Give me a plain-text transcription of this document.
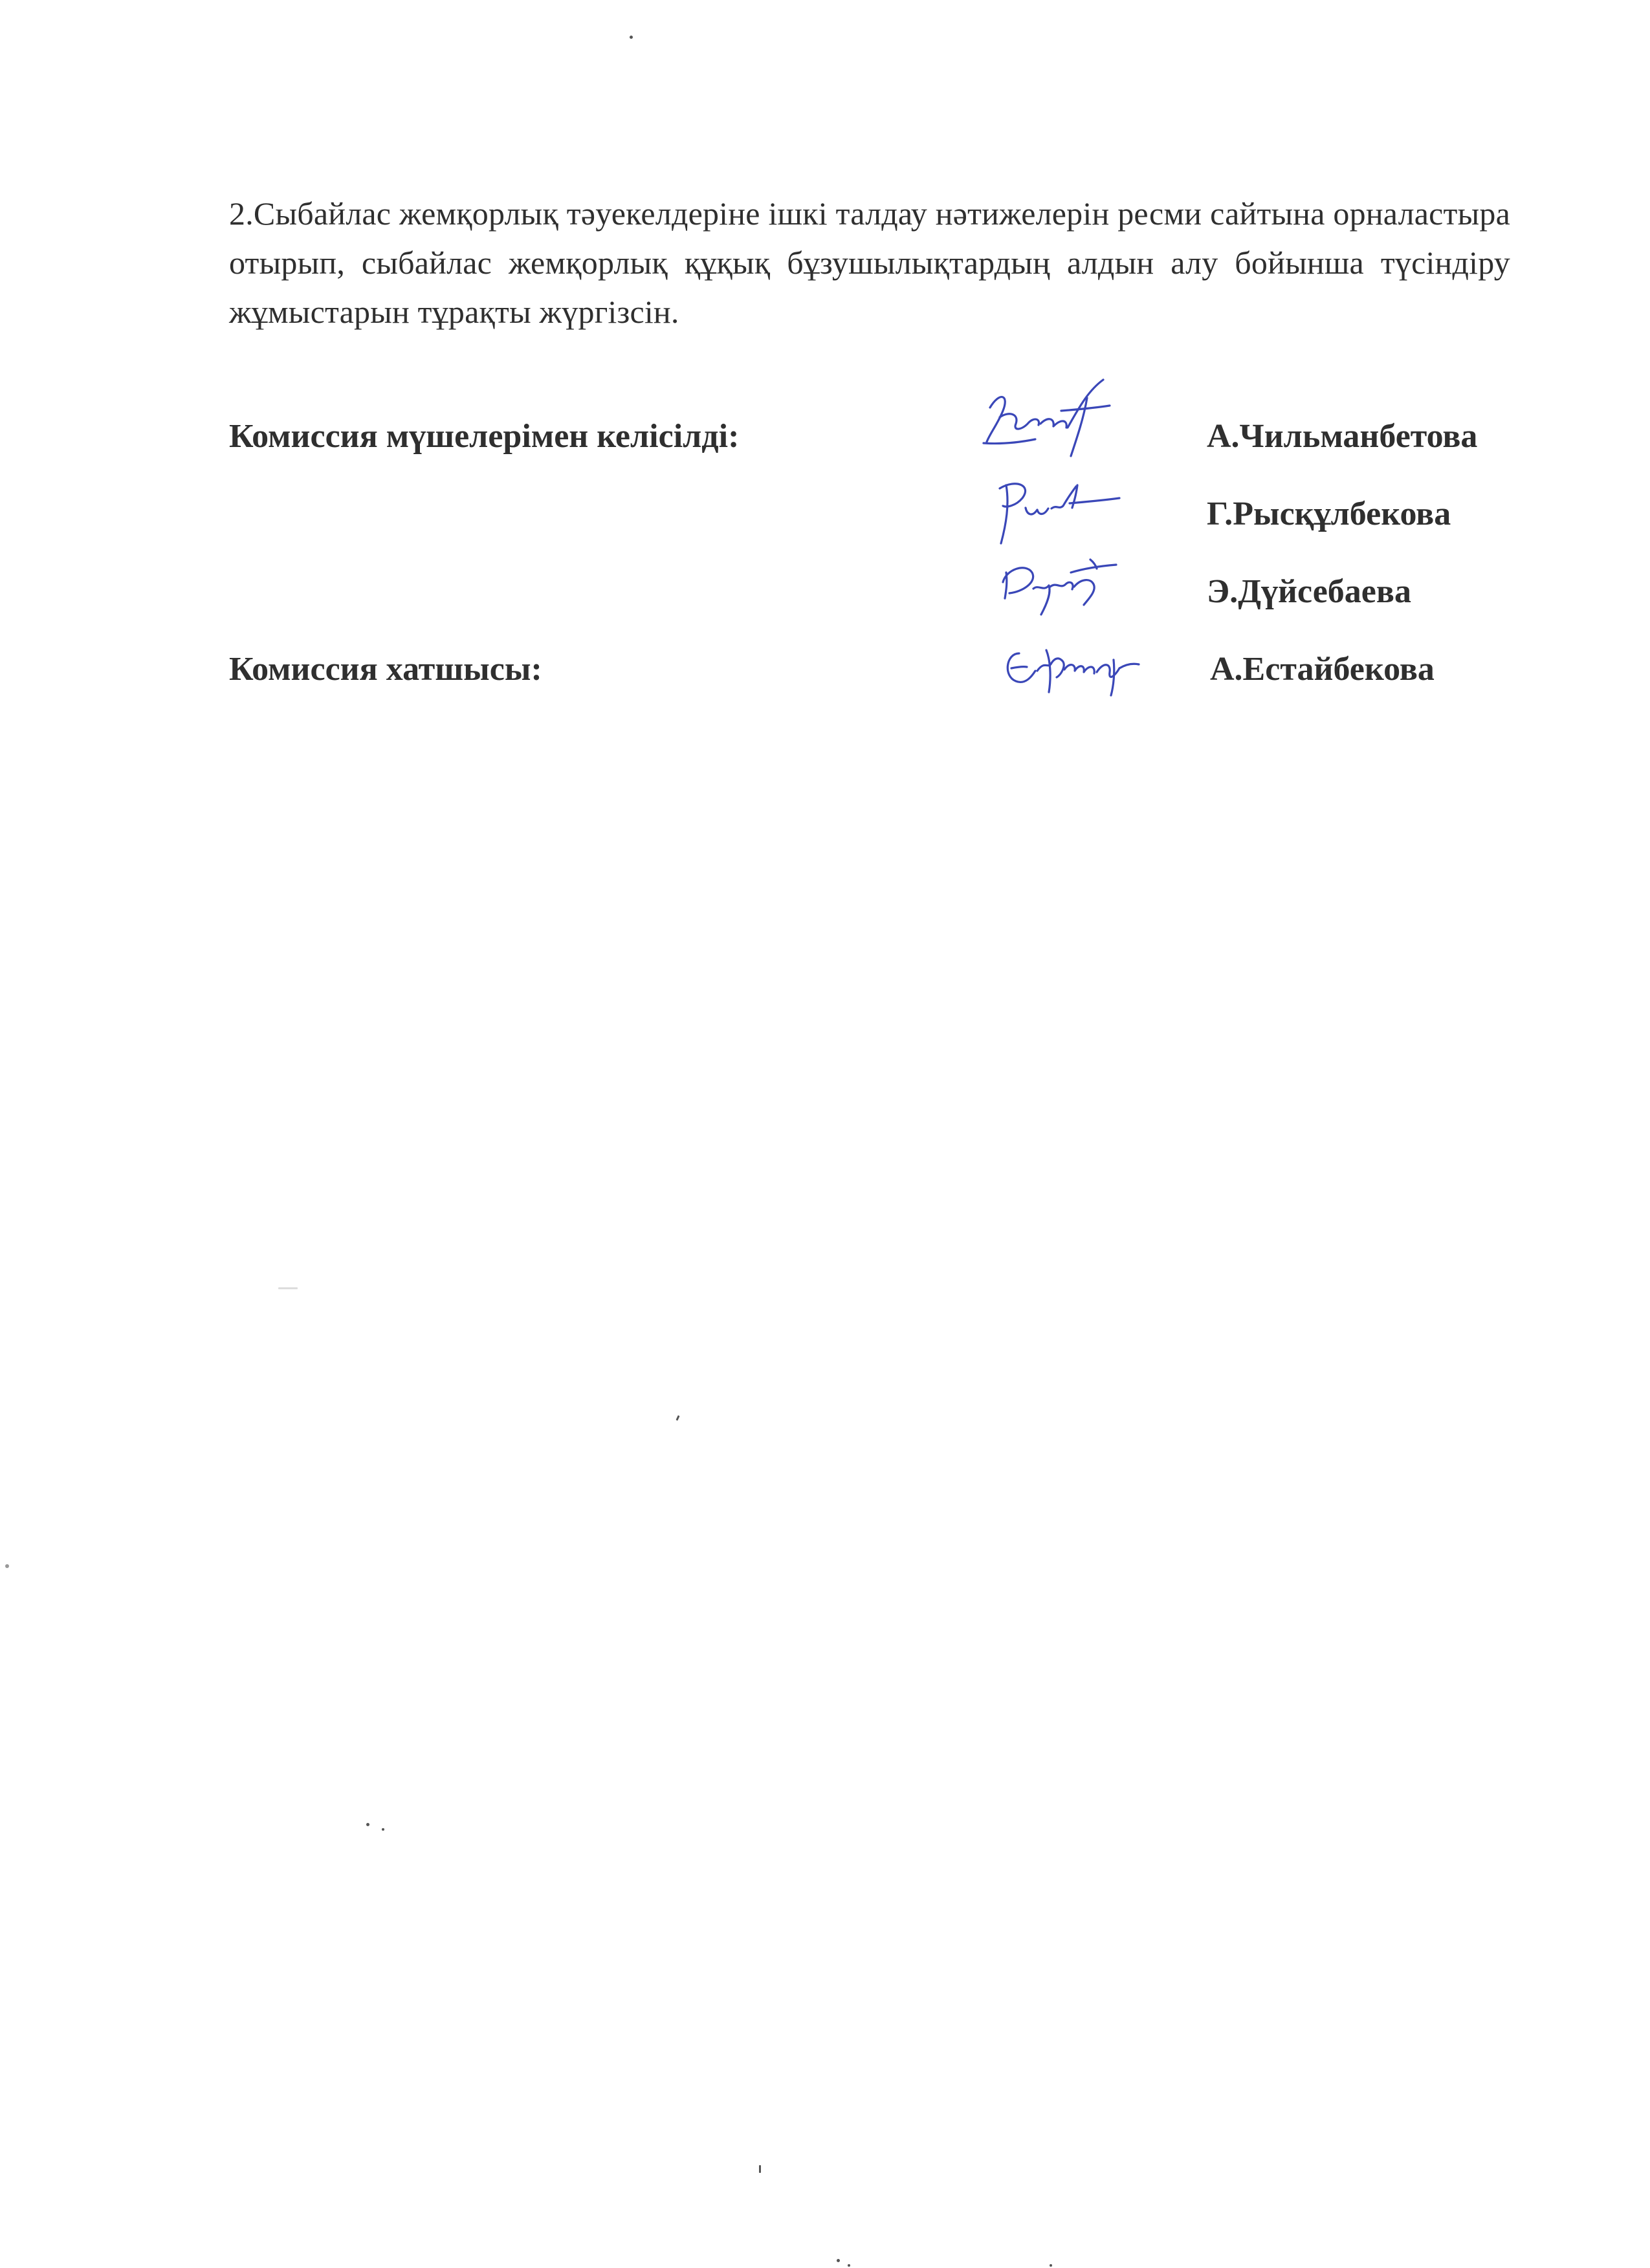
2.Сыбайлас жемқорлық тәуекелдеріне ішкі талдау нәтижелерін ресми сайтына орналастыра отырып, сыбайлас жемқорлық құқық бұзушылықтардың алдын алу бойынша түсіндіру жұмыстарын тұрақты жүргізсін.

Комиссия мүшелерімен келісілді:	А.Чильманбетова
Г.Рысқұлбекова
Э.Дүйсебаева
Комиссия хатшысы:	А.Естайбекова
